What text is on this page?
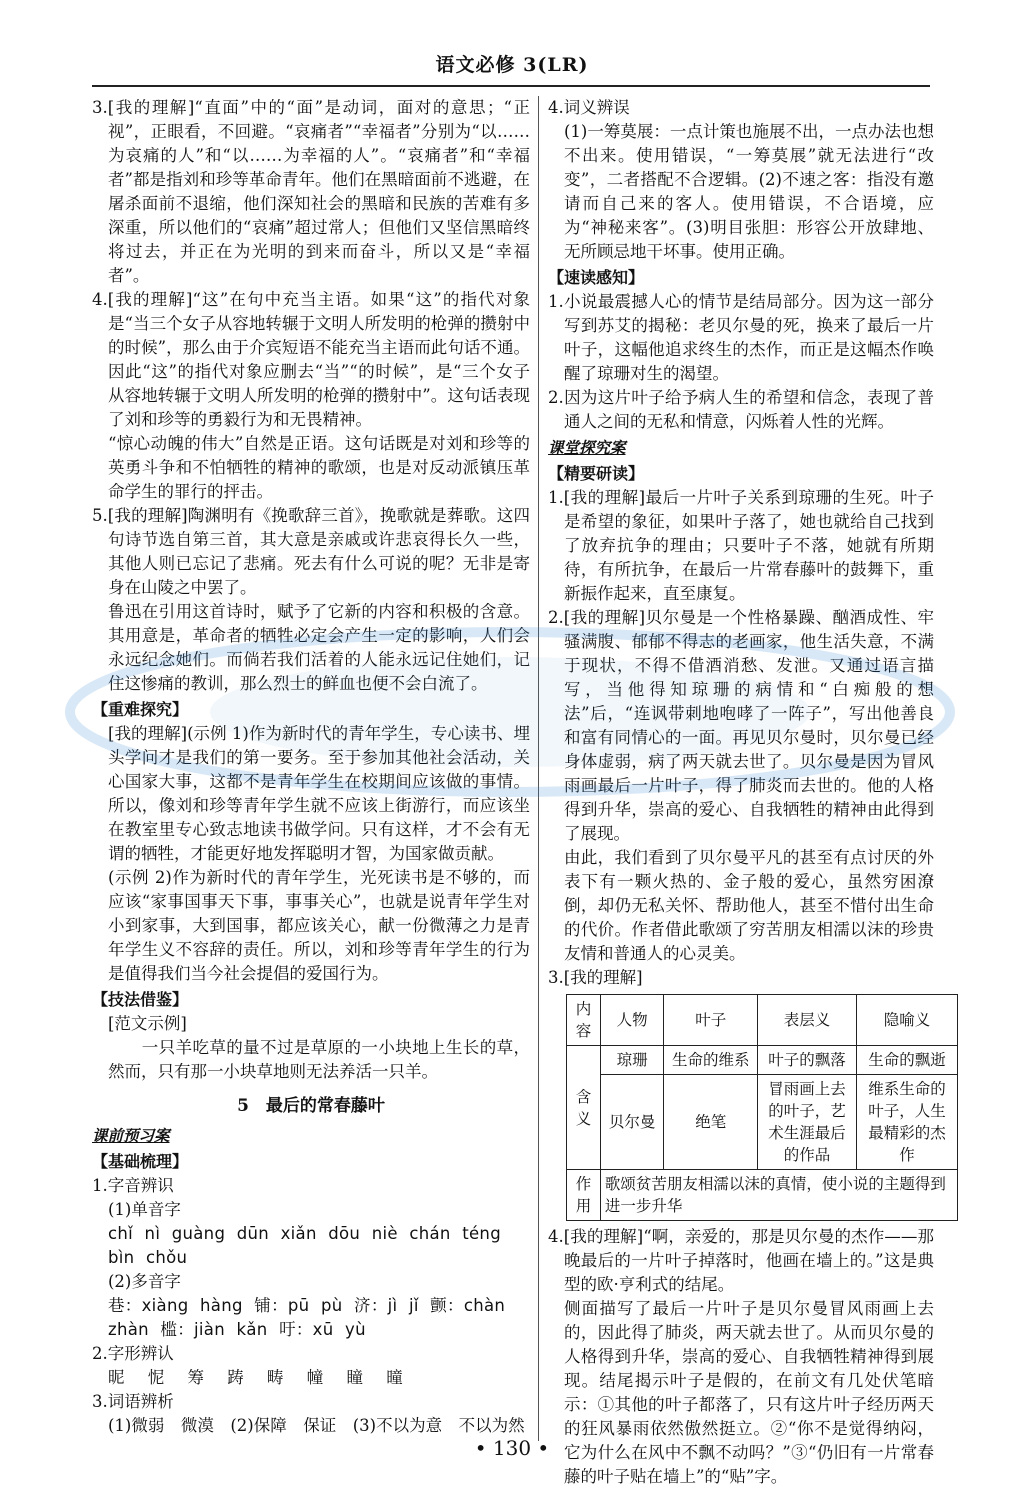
语文必修 3(LR)

3.[我的理解]“直面”中的“面”是动词，面对的意思；“正视”，正眼看，不回避。“哀痛者”“幸福者”分别为“以……为哀痛的人”和“以……为幸福的人”。“哀痛者”和“幸福者”都是指刘和珍等革命青年。他们在黑暗面前不逃避，在屠杀面前不退缩，他们深知社会的黑暗和民族的苦难有多深重，所以他们的“哀痛”超过常人；但他们又坚信黑暗终将过去，并正在为光明的到来而奋斗，所以又是“幸福者”。

4.[我的理解]“这”在句中充当主语。如果“这”的指代对象是“当三个女子从容地转辗于文明人所发明的枪弹的攒射中的时候”，那么由于介宾短语不能充当主语而此句话不通。因此“这”的指代对象应删去“当”“的时候”，是“三个女子从容地转辗于文明人所发明的枪弹的攒射中”。这句话表现了刘和珍等的勇毅行为和无畏精神。

“惊心动魄的伟大”自然是正语。这句话既是对刘和珍等的英勇斗争和不怕牺牲的精神的歌颂，也是对反动派镇压革命学生的罪行的抨击。

5.[我的理解]陶渊明有《挽歌辞三首》，挽歌就是葬歌。这四句诗节选自第三首，其大意是亲戚或许悲哀得长久一些，其他人则已忘记了悲痛。死去有什么可说的呢？无非是寄身在山陵之中罢了。

鲁迅在引用这首诗时，赋予了它新的内容和积极的含意。其用意是，革命者的牺牲必定会产生一定的影响，人们会永远纪念她们。而倘若我们活着的人能永远记住她们，记住这惨痛的教训，那么烈士的鲜血也便不会白流了。

【重难探究】

[我的理解](示例 1)作为新时代的青年学生，专心读书、埋头学问才是我们的第一要务。至于参加其他社会活动，关心国家大事，这都不是青年学生在校期间应该做的事情。所以，像刘和珍等青年学生就不应该上街游行，而应该坐在教室里专心致志地读书做学问。只有这样，才不会有无谓的牺牲，才能更好地发挥聪明才智，为国家做贡献。

(示例 2)作为新时代的青年学生，光死读书是不够的，而应该“家事国事天下事，事事关心”，也就是说青年学生对小到家事，大到国事，都应该关心，献一份微薄之力是青年学生义不容辞的责任。所以，刘和珍等青年学生的行为是值得我们当今社会提倡的爱国行为。

【技法借鉴】

[范文示例]

　　一只羊吃草的量不过是草原的一小块地上生长的草，然而，只有那一小块草地则无法养活一只羊。

5　最后的常春藤叶
课前预习案
【基础梳理】

1.字音辨识

(1)单音字

chǐ nì guàng dūn xiǎn dōu niè chán téng

bìn chǒu

(2)多音字

巷：xiàng hàng 铺：pū pù 济：jì jǐ 颤：chàn

zhàn 槛：jiàn kǎn 吁：xū yù

2.字形辨认

昵 怩 筹 踌 畴 幢 瞳 曈

3.词语辨析

(1)微弱　微漠　(2)保障　保证　(3)不以为意　不以为然

4.词义辨误

(1)一筹莫展：一点计策也施展不出，一点办法也想不出来。使用错误，“一筹莫展”就无法进行“改变”，二者搭配不合逻辑。(2)不速之客：指没有邀请而自己来的客人。使用错误，不合语境，应为“神秘来客”。(3)明目张胆：形容公开放肆地、无所顾忌地干坏事。使用正确。

【速读感知】

1.小说最震撼人心的情节是结局部分。因为这一部分写到苏艾的揭秘：老贝尔曼的死，换来了最后一片叶子，这幅他追求终生的杰作，而正是这幅杰作唤醒了琼珊对生的渴望。

2.因为这片叶子给予病人生的希望和信念，表现了普通人之间的无私和情意，闪烁着人性的光辉。

课堂探究案

【精要研读】

1.[我的理解]最后一片叶子关系到琼珊的生死。叶子是希望的象征，如果叶子落了，她也就给自己找到了放弃抗争的理由；只要叶子不落，她就有所期待，有所抗争，在最后一片常春藤叶的鼓舞下，重新振作起来，直至康复。

2.[我的理解]贝尔曼是一个性格暴躁、酗酒成性、牢骚满腹、郁郁不得志的老画家，他生活失意，不满于现状，不得不借酒消愁、发泄。又通过语言描写，当他得知琼珊的病情和“白痴般的想法”后，“连讽带刺地咆哮了一阵子”，写出他善良和富有同情心的一面。再见贝尔曼时，贝尔曼已经身体虚弱，病了两天就去世了。贝尔曼是因为冒风雨画最后一片叶子，得了肺炎而去世的。他的人格得到升华，崇高的爱心、自我牺牲的精神由此得到了展现。

由此，我们看到了贝尔曼平凡的甚至有点讨厌的外表下有一颗火热的、金子般的爱心，虽然穷困潦倒，却仍无私关怀、帮助他人，甚至不惜付出生命的代价。作者借此歌颂了穷苦朋友相濡以沫的珍贵友情和普通人的心灵美。

3.[我的理解]

内容	人物	叶子	表层义	隐喻义
含义	琼珊	生命的维系	叶子的飘落	生命的飘逝
	贝尔曼	绝笔	冒雨画上去的叶子，艺术生涯最后的作品	维系生命的叶子，人生最精彩的杰作
作用	歌颂贫苦朋友相濡以沫的真情，使小说的主题得到进一步升华			

4.[我的理解]“啊，亲爱的，那是贝尔曼的杰作——那晚最后的一片叶子掉落时，他画在墙上的。”这是典型的欧·亨利式的结尾。

侧面描写了最后一片叶子是贝尔曼冒风雨画上去的，因此得了肺炎，两天就去世了。从而贝尔曼的人格得到升华，崇高的爱心、自我牺牲精神得到展现。结尾揭示叶子是假的，在前文有几处伏笔暗示：①其他的叶子都落了，只有这片叶子经历两天的狂风暴雨依然傲然挺立。②“你不是觉得纳闷，它为什么在风中不飘不动吗？”③“仍旧有一片常春藤的叶子贴在墙上”的“贴”字。

• 130 •
